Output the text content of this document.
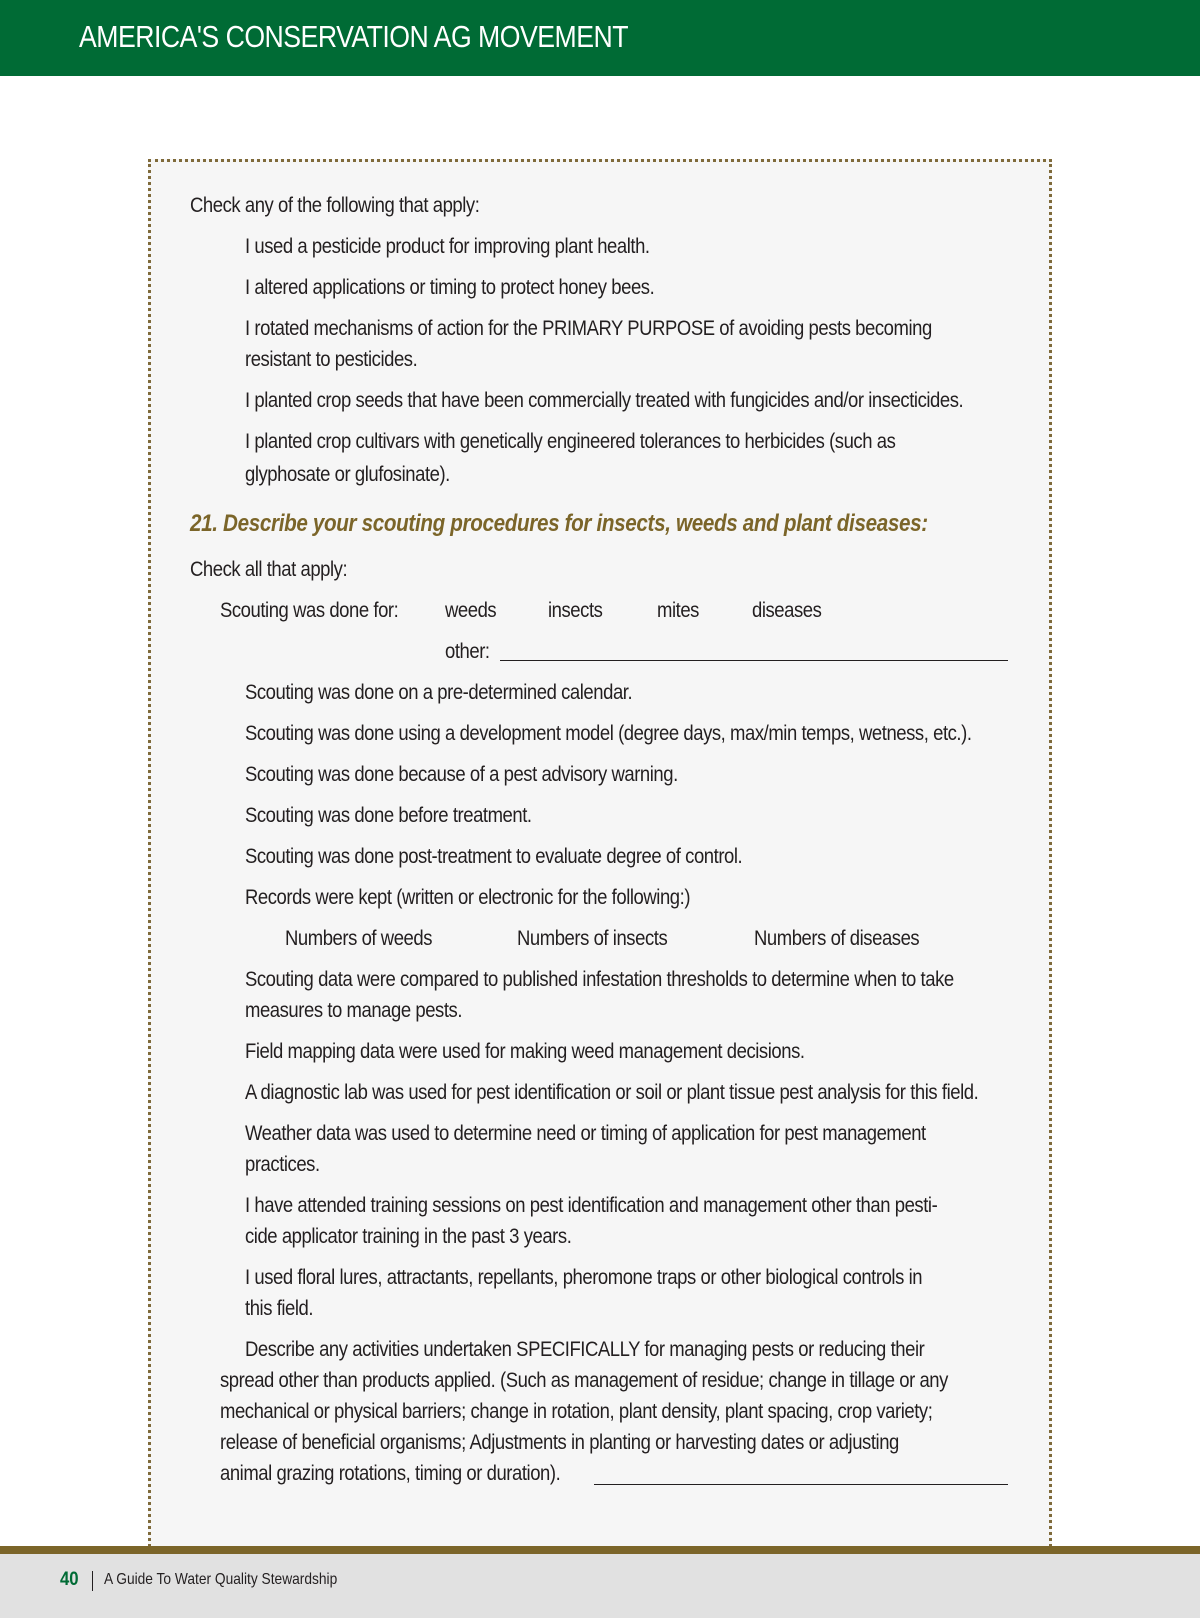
AMERICA'S CONSERVATION AG MOVEMENT
Check any of the following that apply:
I used a pesticide product for improving plant health.
I altered applications or timing to protect honey bees.
I rotated mechanisms of action for the PRIMARY PURPOSE of avoiding pests becoming
resistant to pesticides.
I planted crop seeds that have been commercially treated with fungicides and/or insecticides.
I planted crop cultivars with genetically engineered tolerances to herbicides (such as
glyphosate or glufosinate).
21. Describe your scouting procedures for insects, weeds and plant diseases:
Check all that apply:
Scouting was done for: weeds insects	mites	diseases
other:
Scouting was done on a pre-determined calendar.
Scouting was done using a development model (degree days, max/min temps, wetness, etc.).
Scouting was done because of a pest advisory warning.
Scouting was done before treatment.
Scouting was done post-treatment to evaluate degree of control.
Records were kept (written or electronic for the following:)
Numbers of weeds	Numbers of insects	Numbers of diseases
Scouting data were compared to published infestation thresholds to determine when to take
measures to manage pests.
Field mapping data were used for making weed management decisions.
A diagnostic lab was used for pest identification or soil or plant tissue pest analysis for this field.
Weather data was used to determine need or timing of application for pest management
practices.
I have attended training sessions on pest identification and management other than pesti-
cide applicator training in the past 3 years.
I used floral lures, attractants, repellants, pheromone traps or other biological controls in
this field.
Describe any activities undertaken SPECIFICALLY for managing pests or reducing their
spread other than products applied. (Such as management of residue; change in tillage or any
mechanical or physical barriers; change in rotation, plant density, plant spacing, crop variety;
release of beneficial organisms; Adjustments in planting or harvesting dates or adjusting
animal grazing rotations, timing or duration).
40 A Guide To Water Quality Stewardship
